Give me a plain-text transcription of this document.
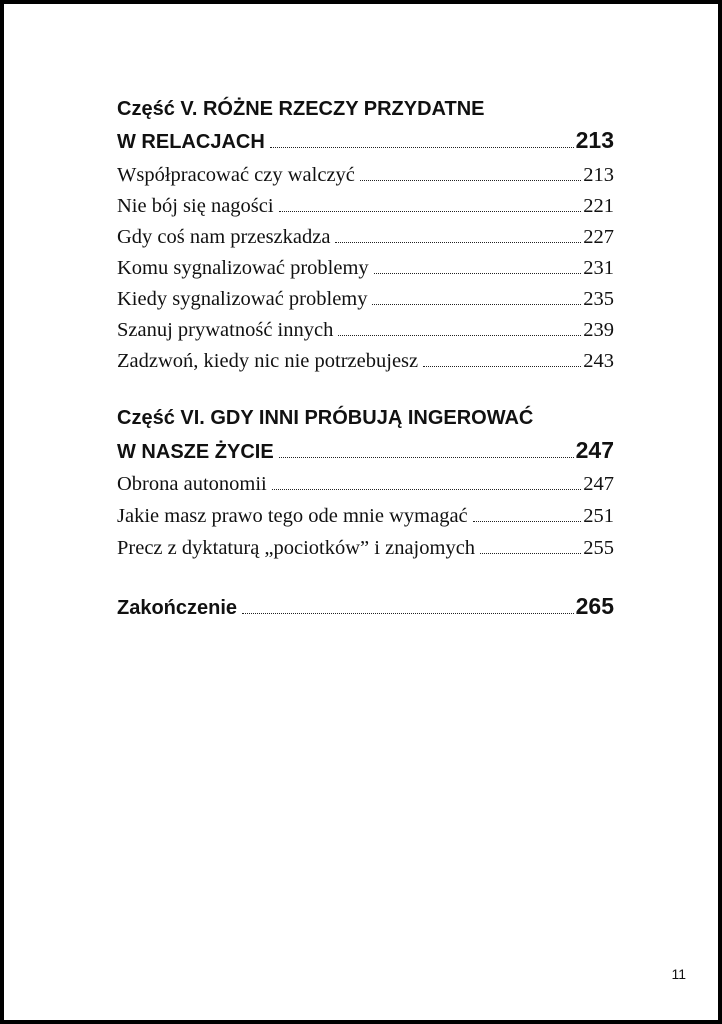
Część V. RÓŻNE RZECZY PRZYDATNE
W RELACJACH	213
Współpracować czy walczyć	213
Nie bój się nagości	221
Gdy coś nam przeszkadza	227
Komu sygnalizować problemy	231
Kiedy sygnalizować problemy	235
Szanuj prywatność innych	239
Zadzwoń, kiedy nic nie potrzebujesz	243
Część VI. GDY INNI PRÓBUJĄ INGEROWAĆ
W NASZE ŻYCIE	247
Obrona autonomii	247
Jakie masz prawo tego ode mnie wymagać	251
Precz z dyktaturą „pociotków” i znajomych	255
Zakończenie	265
11
